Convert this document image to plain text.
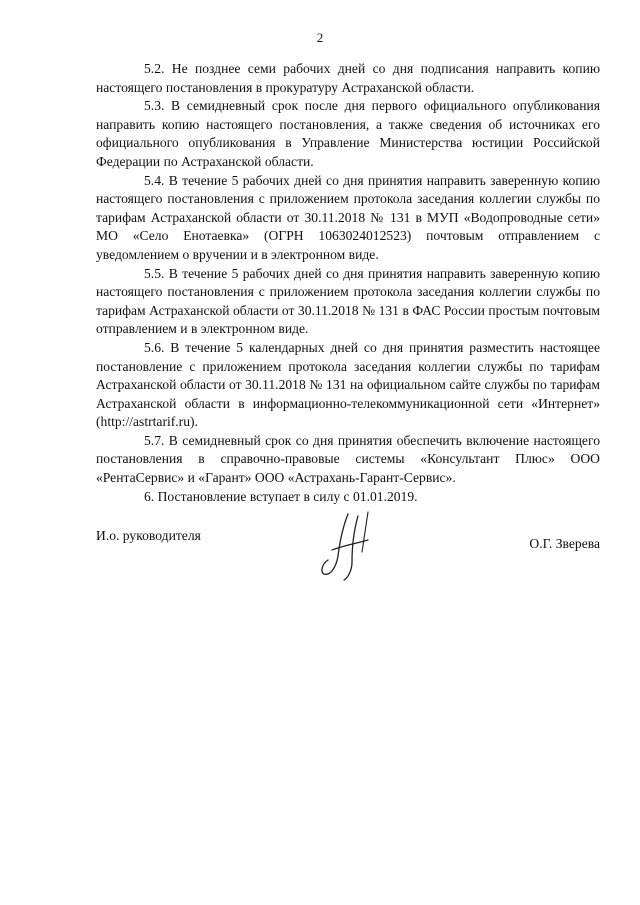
2

5.2. Не позднее семи рабочих дней со дня подписания направить копию настоящего постановления в прокуратуру Астраханской области.

5.3. В семидневный срок после дня первого официального опубликования направить копию настоящего постановления, а также сведения об источниках его официального опубликования в Управление Министерства юстиции Российской Федерации по Астраханской области.

5.4. В течение 5 рабочих дней со дня принятия направить заверенную копию настоящего постановления с приложением протокола заседания коллегии службы по тарифам Астраханской области от 30.11.2018 № 131 в МУП «Водопроводные сети» МО «Село Енотаевка» (ОГРН 1063024012523) почтовым отправлением с уведомлением о вручении и в электронном виде.

5.5. В течение 5 рабочих дней со дня принятия направить заверенную копию настоящего постановления с приложением протокола заседания коллегии службы по тарифам Астраханской области от 30.11.2018 № 131 в ФАС России простым почтовым отправлением и в электронном виде.

5.6. В течение 5 календарных дней со дня принятия разместить настоящее постановление с приложением протокола заседания коллегии службы по тарифам Астраханской области от 30.11.2018 № 131 на официальном сайте службы по тарифам Астраханской области в информационно-телекоммуникационной сети «Интернет» (http://astrtarif.ru).

5.7. В семидневный срок со дня принятия обеспечить включение настоящего постановления в справочно-правовые системы «Консультант Плюс» ООО «РентаСервис» и «Гарант» ООО «Астрахань-Гарант-Сервис».

6. Постановление вступает в силу с 01.01.2019.

И.о. руководителя
О.Г. Зверева
